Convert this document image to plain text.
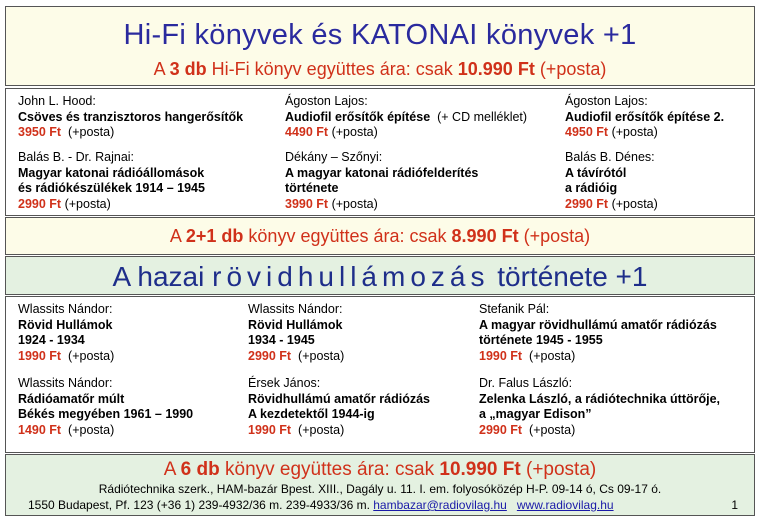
Hi-Fi könyvek és KATONAI könyvek +1
A 3 db Hi-Fi könyv együttes ára: csak 10.990 Ft (+posta)
John L. Hood:
Csöves és tranzisztoros hangerősítők
3950 Ft (+posta)
Ágoston Lajos:
Audiofil erősítők építése (+ CD melléklet)
4490 Ft (+posta)
Ágoston Lajos:
Audiofil erősítők építése 2.
4950 Ft (+posta)
Balás B. - Dr. Rajnai:
Magyar katonai rádióállomások
és rádiókészülékek 1914 – 1945
2990 Ft (+posta)
Dékány – Szőnyi:
A magyar katonai rádiófelderítés
története
3990 Ft (+posta)
Balás B. Dénes:
A távírótól
a rádióig
2990 Ft (+posta)
A 2+1 db könyv együttes ára: csak 8.990 Ft (+posta)
A hazai rövidhullámozás története +1
Wlassits Nándor:
Rövid Hullámok
1924 - 1934
1990 Ft (+posta)
Wlassits Nándor:
Rövid Hullámok
1934 - 1945
2990 Ft (+posta)
Stefanik Pál:
A magyar rövidhullámú amatőr rádiózás
története 1945 - 1955
1990 Ft (+posta)
Wlassits Nándor:
Rádióamatőr múlt
Békés megyében 1961 – 1990
1490 Ft (+posta)
Érsek János:
Rövidhullámú amatőr rádiózás
A kezdetektől 1944-ig
1990 Ft (+posta)
Dr. Falus László:
Zelenka László, a rádiótechnika úttörője,
a „magyar Edison”
2990 Ft (+posta)
A 6 db könyv együttes ára: csak 10.990 Ft (+posta)
Rádiótechnika szerk., HAM-bazár Bpest. XIII., Dagály u. 11. I. em. folyosóközép H-P. 09-14 ó, Cs 09-17 ó.
1550 Budapest, Pf. 123 (+36 1) 239-4932/36 m. 239-4933/36 m. hambazar@radiovilag.hu www.radiovilag.hu	1
